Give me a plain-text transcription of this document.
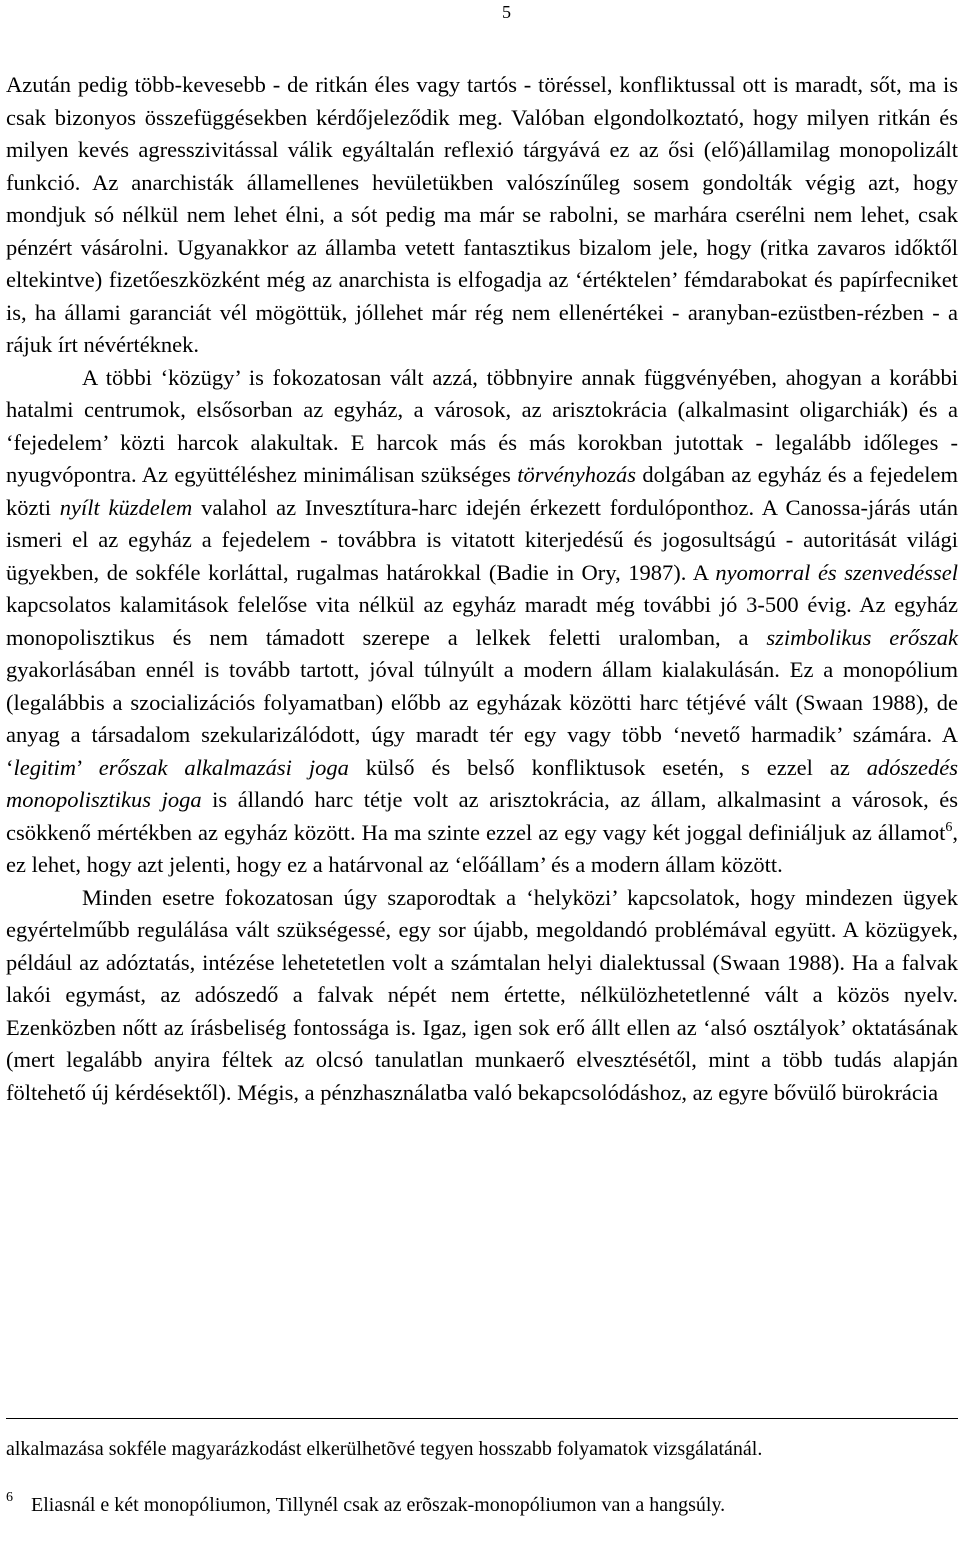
5

Azután pedig több-kevesebb - de ritkán éles vagy tartós - töréssel, konfliktussal ott is maradt, sőt, ma is csak bizonyos összefüggésekben kérdőjeleződik meg. Valóban elgondolkoztató, hogy milyen ritkán és milyen kevés agresszivitással válik egyáltalán reflexió tárgyává ez az ősi (elő)államilag monopolizált funkció. Az anarchisták államellenes hevületükben valószínűleg sosem gondolták végig azt, hogy mondjuk só nélkül nem lehet élni, a sót pedig ma már se rabolni, se marhára cserélni nem lehet, csak pénzért vásárolni. Ugyanakkor az államba vetett fantasztikus bizalom jele, hogy (ritka zavaros időktől eltekintve) fizetőeszközként még az anarchista is elfogadja az ‘értéktelen’ fémdarabokat és papírfecniket is, ha állami garanciát vél mögöttük, jóllehet már rég nem ellenértékei - aranyban-ezüstben-rézben - a rájuk írt névértéknek.

A többi ‘közügy’ is fokozatosan vált azzá, többnyire annak függvényében, ahogyan a korábbi hatalmi centrumok, elsősorban az egyház, a városok, az arisztokrácia (alkalmasint oligarchiák) és a ‘fejedelem’ közti harcok alakultak. E harcok más és más korokban jutottak - legalább időleges - nyugvópontra. Az együttéléshez minimálisan szükséges törvényhozás dolgában az egyház és a fejedelem közti nyílt küzdelem valahol az Invesztítura-harc idején érkezett fordulóponthoz. A Canossa-járás után ismeri el az egyház a fejedelem - továbbra is vitatott kiterjedésű és jogosultságú - autoritását világi ügyekben, de sokféle korláttal, rugalmas határokkal (Badie in Ory, 1987). A nyomorral és szenvedéssel kapcsolatos kalamitások felelőse vita nélkül az egyház maradt még további jó 3-500 évig. Az egyház monopolisztikus és nem támadott szerepe a lelkek feletti uralomban, a szimbolikus erőszak gyakorlásában ennél is tovább tartott, jóval túlnyúlt a modern állam kialakulásán. Ez a monopólium (legalábbis a szocializációs folyamatban) előbb az egyházak közötti harc tétjévé vált (Swaan 1988), de anyag a társadalom szekularizálódott, úgy maradt tér egy vagy több ‘nevető harmadik’ számára. A ‘legitim’ erőszak alkalmazási joga külső és belső konfliktusok esetén, s ezzel az adószedés monopolisztikus joga is állandó harc tétje volt az arisztokrácia, az állam, alkalmasint a városok, és csökkenő mértékben az egyház között. Ha ma szinte ezzel az egy vagy két joggal definiáljuk az államot$^6$, ez lehet, hogy azt jelenti, hogy ez a határvonal az ‘előállam’ és a modern állam között.

Minden esetre fokozatosan úgy szaporodtak a ‘helyközi’ kapcsolatok, hogy mindezen ügyek egyértelműbb regulálása vált szükségessé, egy sor újabb, megoldandó problémával együtt. A közügyek, például az adóztatás, intézése lehetetetlen volt a számtalan helyi dialektussal (Swaan 1988). Ha a falvak lakói egymást, az adószedő a falvak népét nem értette, nélkülözhetetlenné vált a közös nyelv. Ezenközben nőtt az írásbeliség fontossága is. Igaz, igen sok erő állt ellen az ‘alsó osztályok’ oktatásának (mert legalább anyira féltek az olcsó tanulatlan munkaerő elvesztésétől, mint a több tudás alapján föltehető új kérdésektől). Mégis, a pénzhasználatba való bekapcsolódáshoz, az egyre bővülő bürokrácia

alkalmazása sokféle magyarázkodást elkerülhetõvé tegyen hosszabb folyamatok vizsgálatánál.

$^6$ Eliasnál e két monopóliumon, Tillynél csak az erõszak-monopóliumon van a hangsúly.
